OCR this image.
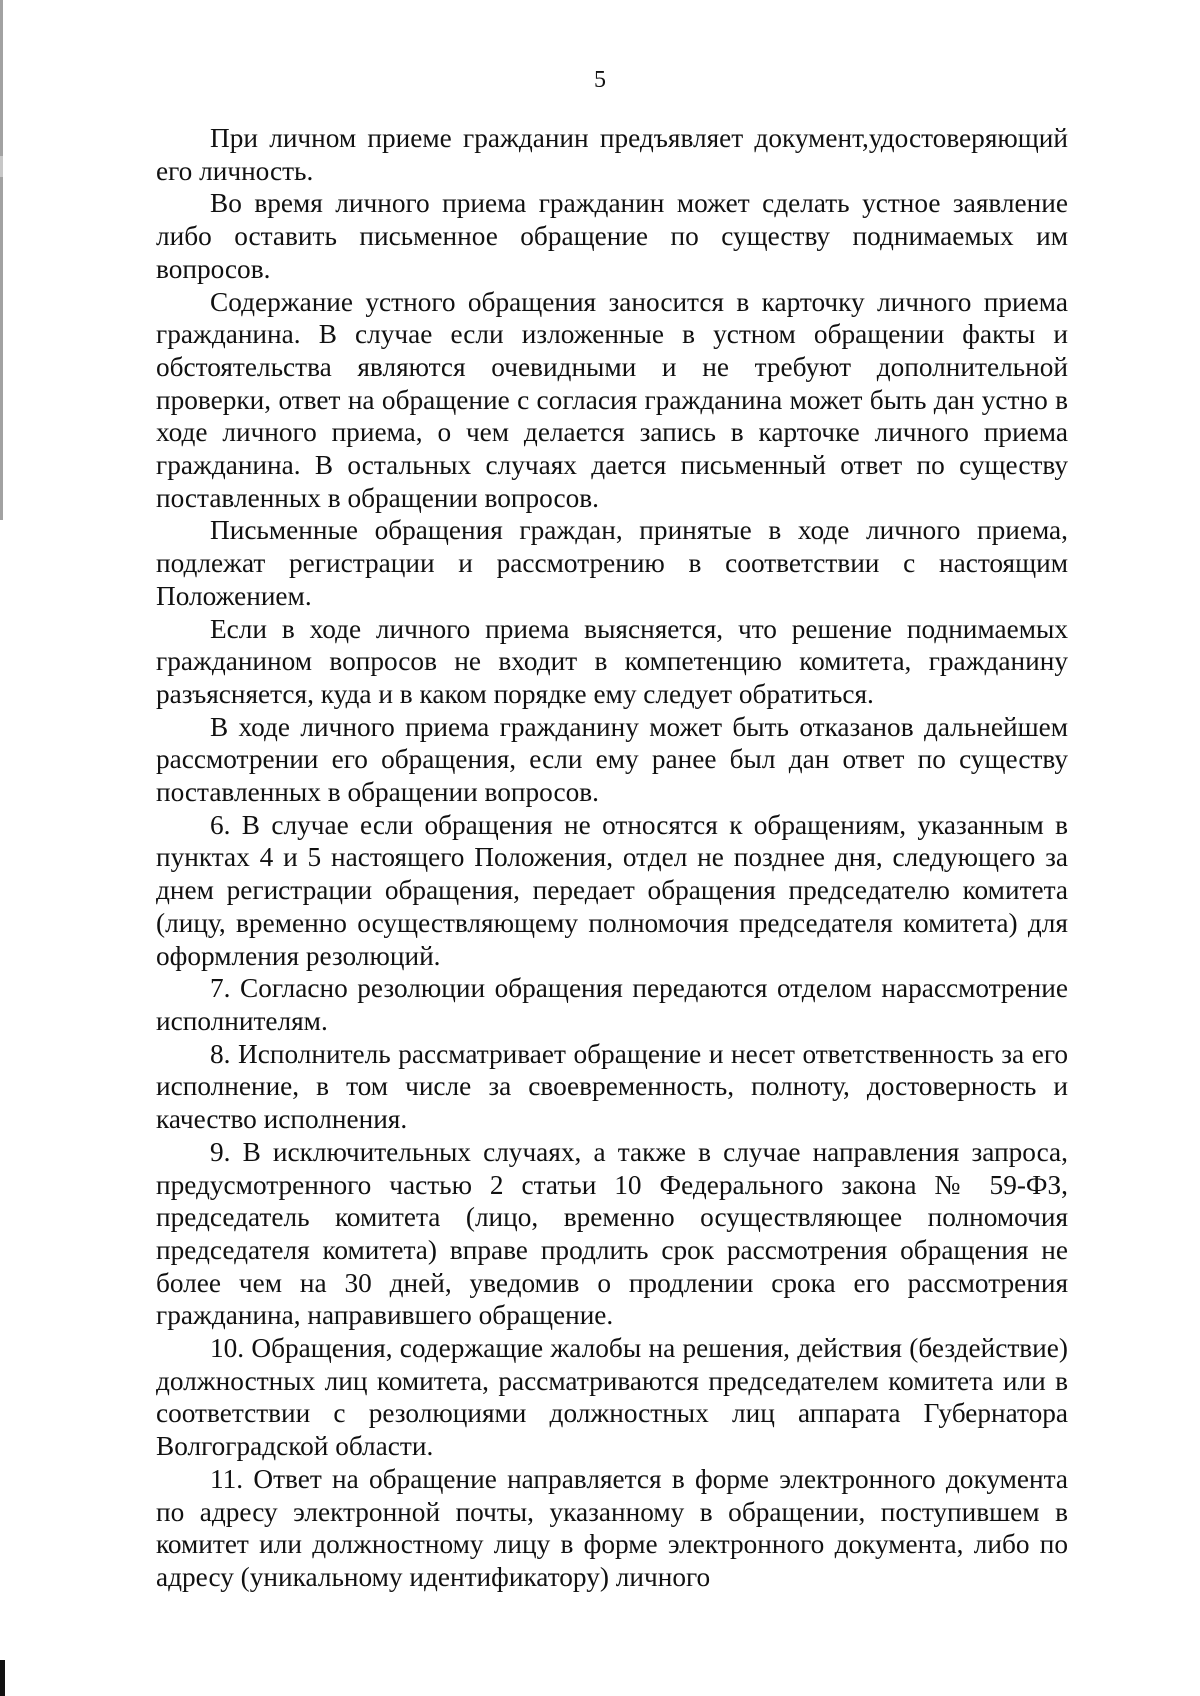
5

При личном приеме гражданин предъявляет документ,удостоверяющий его личность.

Во время личного приема гражданин может сделать устное заявление либо оставить письменное обращение по существу поднимаемых им вопросов.

Содержание устного обращения заносится в карточку личного приема гражданина. В случае если изложенные в устном обращении факты и обстоятельства являются очевидными и не требуют дополнительной проверки, ответ на обращение с согласия гражданина может быть дан устно в ходе личного приема, о чем делается запись в карточке личного приема гражданина. В остальных случаях дается письменный ответ по существу поставленных в обращении вопросов.

Письменные обращения граждан, принятые в ходе личного приема, подлежат регистрации и рассмотрению в соответствии с настоящим Положением.

Если в ходе личного приема выясняется, что решение поднимаемых гражданином вопросов не входит в компетенцию комитета, гражданину разъясняется, куда и в каком порядке ему следует обратиться.

В ходе личного приема гражданину может быть отказанов дальнейшем рассмотрении его обращения, если ему ранее был дан ответ по существу поставленных в обращении вопросов.

6. В случае если обращения не относятся к обращениям, указанным в пунктах 4 и 5 настоящего Положения, отдел не позднее дня, следующего за днем регистрации обращения, передает обращения председателю комитета (лицу, временно осуществляющему полномочия председателя комитета) для оформления резолюций.

7. Согласно резолюции обращения передаются отделом нарассмотрение исполнителям.

8. Исполнитель рассматривает обращение и несет ответственность за его исполнение, в том числе за своевременность, полноту, достоверность и качество исполнения.

9. В исключительных случаях, а также в случае направления запроса, предусмотренного частью 2 статьи 10 Федерального закона № 59-ФЗ, председатель комитета (лицо, временно осуществляющее полномочия председателя комитета) вправе продлить срок рассмотрения обращения не более чем на 30 дней, уведомив о продлении срока его рассмотрения гражданина, направившего обращение.

10. Обращения, содержащие жалобы на решения, действия (бездействие) должностных лиц комитета, рассматриваются председателем комитета или в соответствии с резолюциями должностных лиц аппарата Губернатора Волгоградской области.

11. Ответ на обращение направляется в форме электронного документа по адресу электронной почты, указанному в обращении, поступившем в комитет или должностному лицу в форме электронного документа, либо по адресу (уникальному идентификатору) личного
